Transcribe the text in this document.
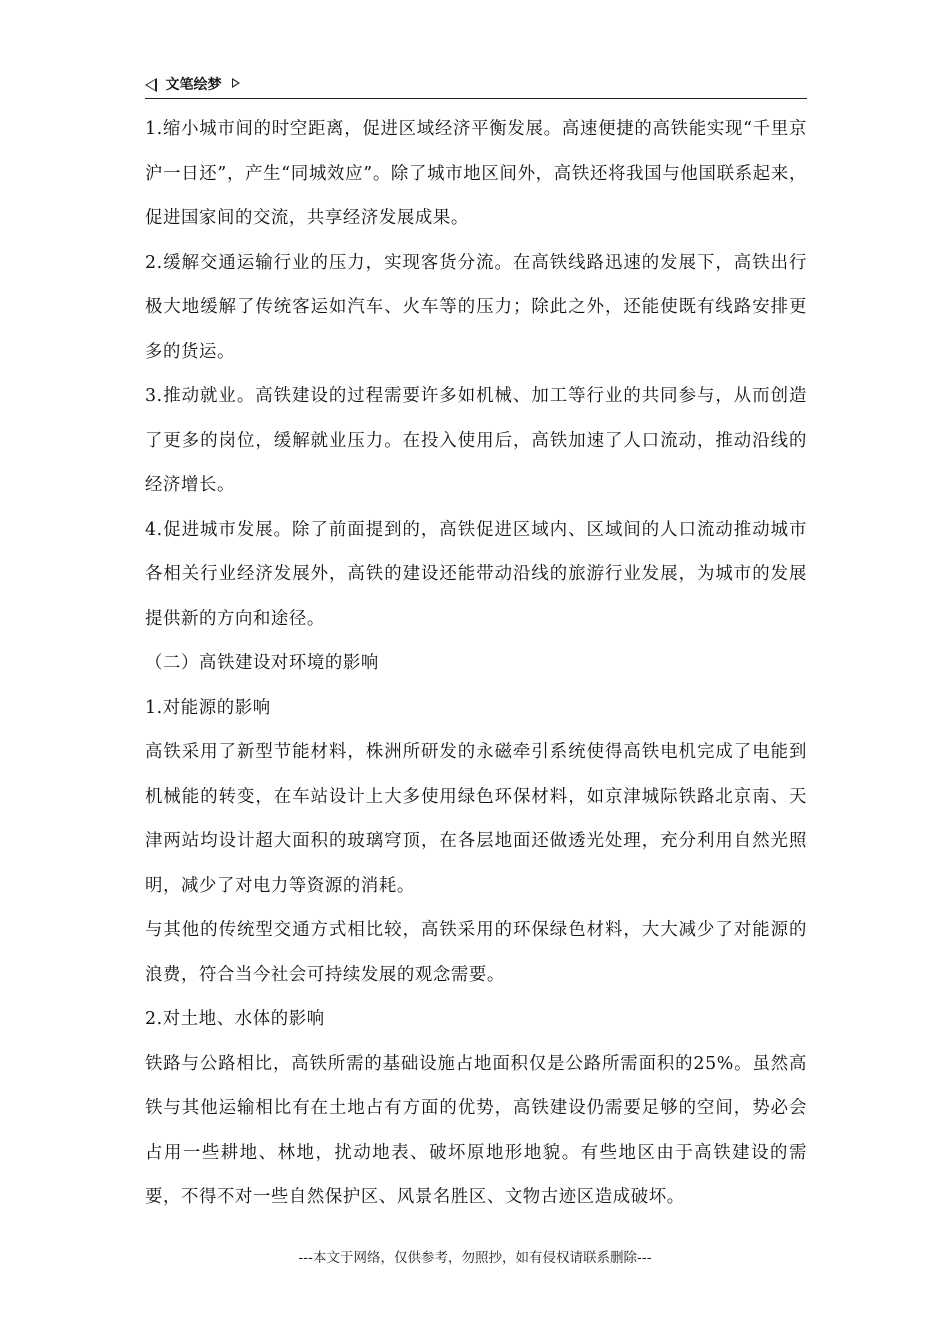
文笔绘梦

1.缩小城市间的时空距离，促进区域经济平衡发展。高速便捷的高铁能实现“千里京沪一日还”，产生“同城效应”。除了城市地区间外，高铁还将我国与他国联系起来，促进国家间的交流，共享经济发展成果。

2.缓解交通运输行业的压力，实现客货分流。在高铁线路迅速的发展下，高铁出行极大地缓解了传统客运如汽车、火车等的压力；除此之外，还能使既有线路安排更多的货运。

3.推动就业。高铁建设的过程需要许多如机械、加工等行业的共同参与，从而创造了更多的岗位，缓解就业压力。在投入使用后，高铁加速了人口流动，推动沿线的经济增长。

4.促进城市发展。除了前面提到的，高铁促进区域内、区域间的人口流动推动城市各相关行业经济发展外，高铁的建设还能带动沿线的旅游行业发展，为城市的发展提供新的方向和途径。

（二）高铁建设对环境的影响

1.对能源的影响

高铁采用了新型节能材料，株洲所研发的永磁牵引系统使得高铁电机完成了电能到机械能的转变，在车站设计上大多使用绿色环保材料，如京津城际铁路北京南、天津两站均设计超大面积的玻璃穹顶，在各层地面还做透光处理，充分利用自然光照明，减少了对电力等资源的消耗。

与其他的传统型交通方式相比较，高铁采用的环保绿色材料，大大减少了对能源的浪费，符合当今社会可持续发展的观念需要。

2.对土地、水体的影响

铁路与公路相比，高铁所需的基础设施占地面积仅是公路所需面积的25%。虽然高铁与其他运输相比有在土地占有方面的优势，高铁建设仍需要足够的空间，势必会占用一些耕地、林地，扰动地表、破坏原地形地貌。有些地区由于高铁建设的需要，不得不对一些自然保护区、风景名胜区、文物古迹区造成破坏。

---本文于网络，仅供参考，勿照抄，如有侵权请联系删除---
